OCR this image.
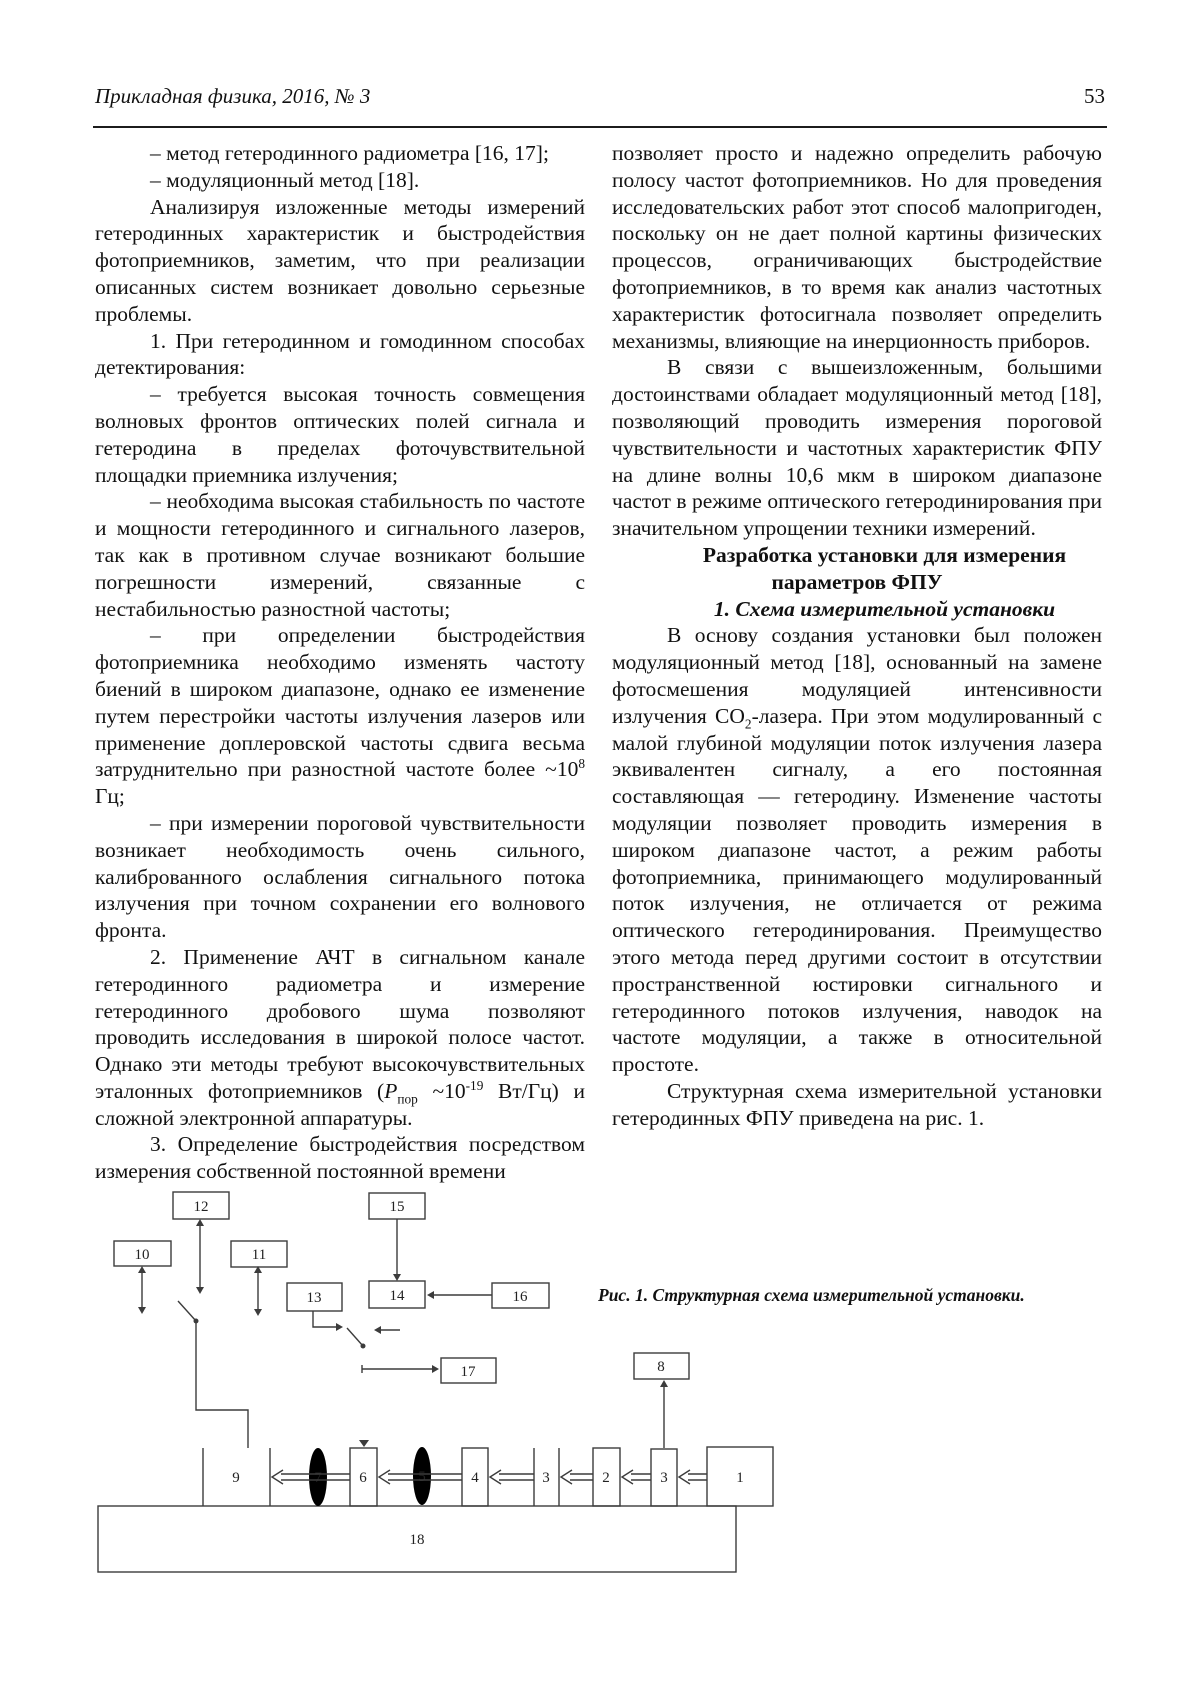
Прикладная физика, 2016, № 3	53

– метод гетеродинного радиометра [16, 17];

– модуляционный метод [18].

Анализируя изложенные методы измерений гетеродинных характеристик и быстродействия фотоприемников, заметим, что при реализации описанных систем возникает довольно серьезные проблемы.

1. При гетеродинном и гомодинном способах детектирования:

– требуется высокая точность совмещения волновых фронтов оптических полей сигнала и гетеродина в пределах фоточувствительной площадки приемника излучения;

– необходима высокая стабильность по частоте и мощности гетеродинного и сигнального лазеров, так как в противном случае возникают большие погрешности измерений, связанные с нестабильностью разностной частоты;

– при определении быстродействия фотоприемника необходимо изменять частоту биений в широком диапазоне, однако ее изменение путем перестройки частоты излучения лазеров или применение доплеровской частоты сдвига весьма затруднительно при разностной частоте более $\sim 10^8$ Гц;

– при измерении пороговой чувствительности возникает необходимость очень сильного, калиброванного ослабления сигнального потока излучения при точном сохранении его волнового фронта.

2. Применение АЧТ в сигнальном канале гетеродинного радиометра и измерение гетеродинного дробового шума позволяют проводить исследования в широкой полосе частот. Однако эти методы требуют высокочувствительных эталонных фотоприемников ($P_{пор}$ $\sim 10^{-19}$ Вт/Гц) и сложной электронной аппаратуры.

3. Определение быстродействия посредством измерения собственной постоянной времени

позволяет просто и надежно определить рабочую полосу частот фотоприемников. Но для проведения исследовательских работ этот способ малопригоден, поскольку он не дает полной картины физических процессов, ограничивающих быстродействие фотоприемников, в то время как анализ частотных характеристик фотосигнала позволяет определить механизмы, влияющие на инерционность приборов.

В связи с вышеизложенным, большими достоинствами обладает модуляционный метод [18], позволяющий проводить измерения пороговой чувствительности и частотных характеристик ФПУ на длине волны 10,6 мкм в широком диапазоне частот в режиме оптического гетеродинирования при значительном упрощении техники измерений.

Разработка установки для измерения параметров ФПУ

1. Схема измерительной установки

В основу создания установки был положен модуляционный метод [18], основанный на замене фотосмешения модуляцией интенсивности излучения $СО_2$-лазера. При этом модулированный с малой глубиной модуляции поток излучения лазера эквивалентен сигналу, а его постоянная составляющая — гетеродину. Изменение частоты модуляции позволяет проводить измерения в широком диапазоне частот, а режим работы фотоприемника, принимающего модулированный поток излучения, не отличается от режима оптического гетеродинирования. Преимущество этого метода перед другими состоит в отсутствии пространственной юстировки сигнального и гетеродинного потоков излучения, наводок на частоте модуляции, а также в относительной простоте.

Структурная схема измерительной установки гетеродинных ФПУ приведена на рис. 1.

Рис. 1. Структурная схема измерительной установки.
12	15
10	11
13	14	16
17	8
9	6	4	3	2	3	1
18
7	5
